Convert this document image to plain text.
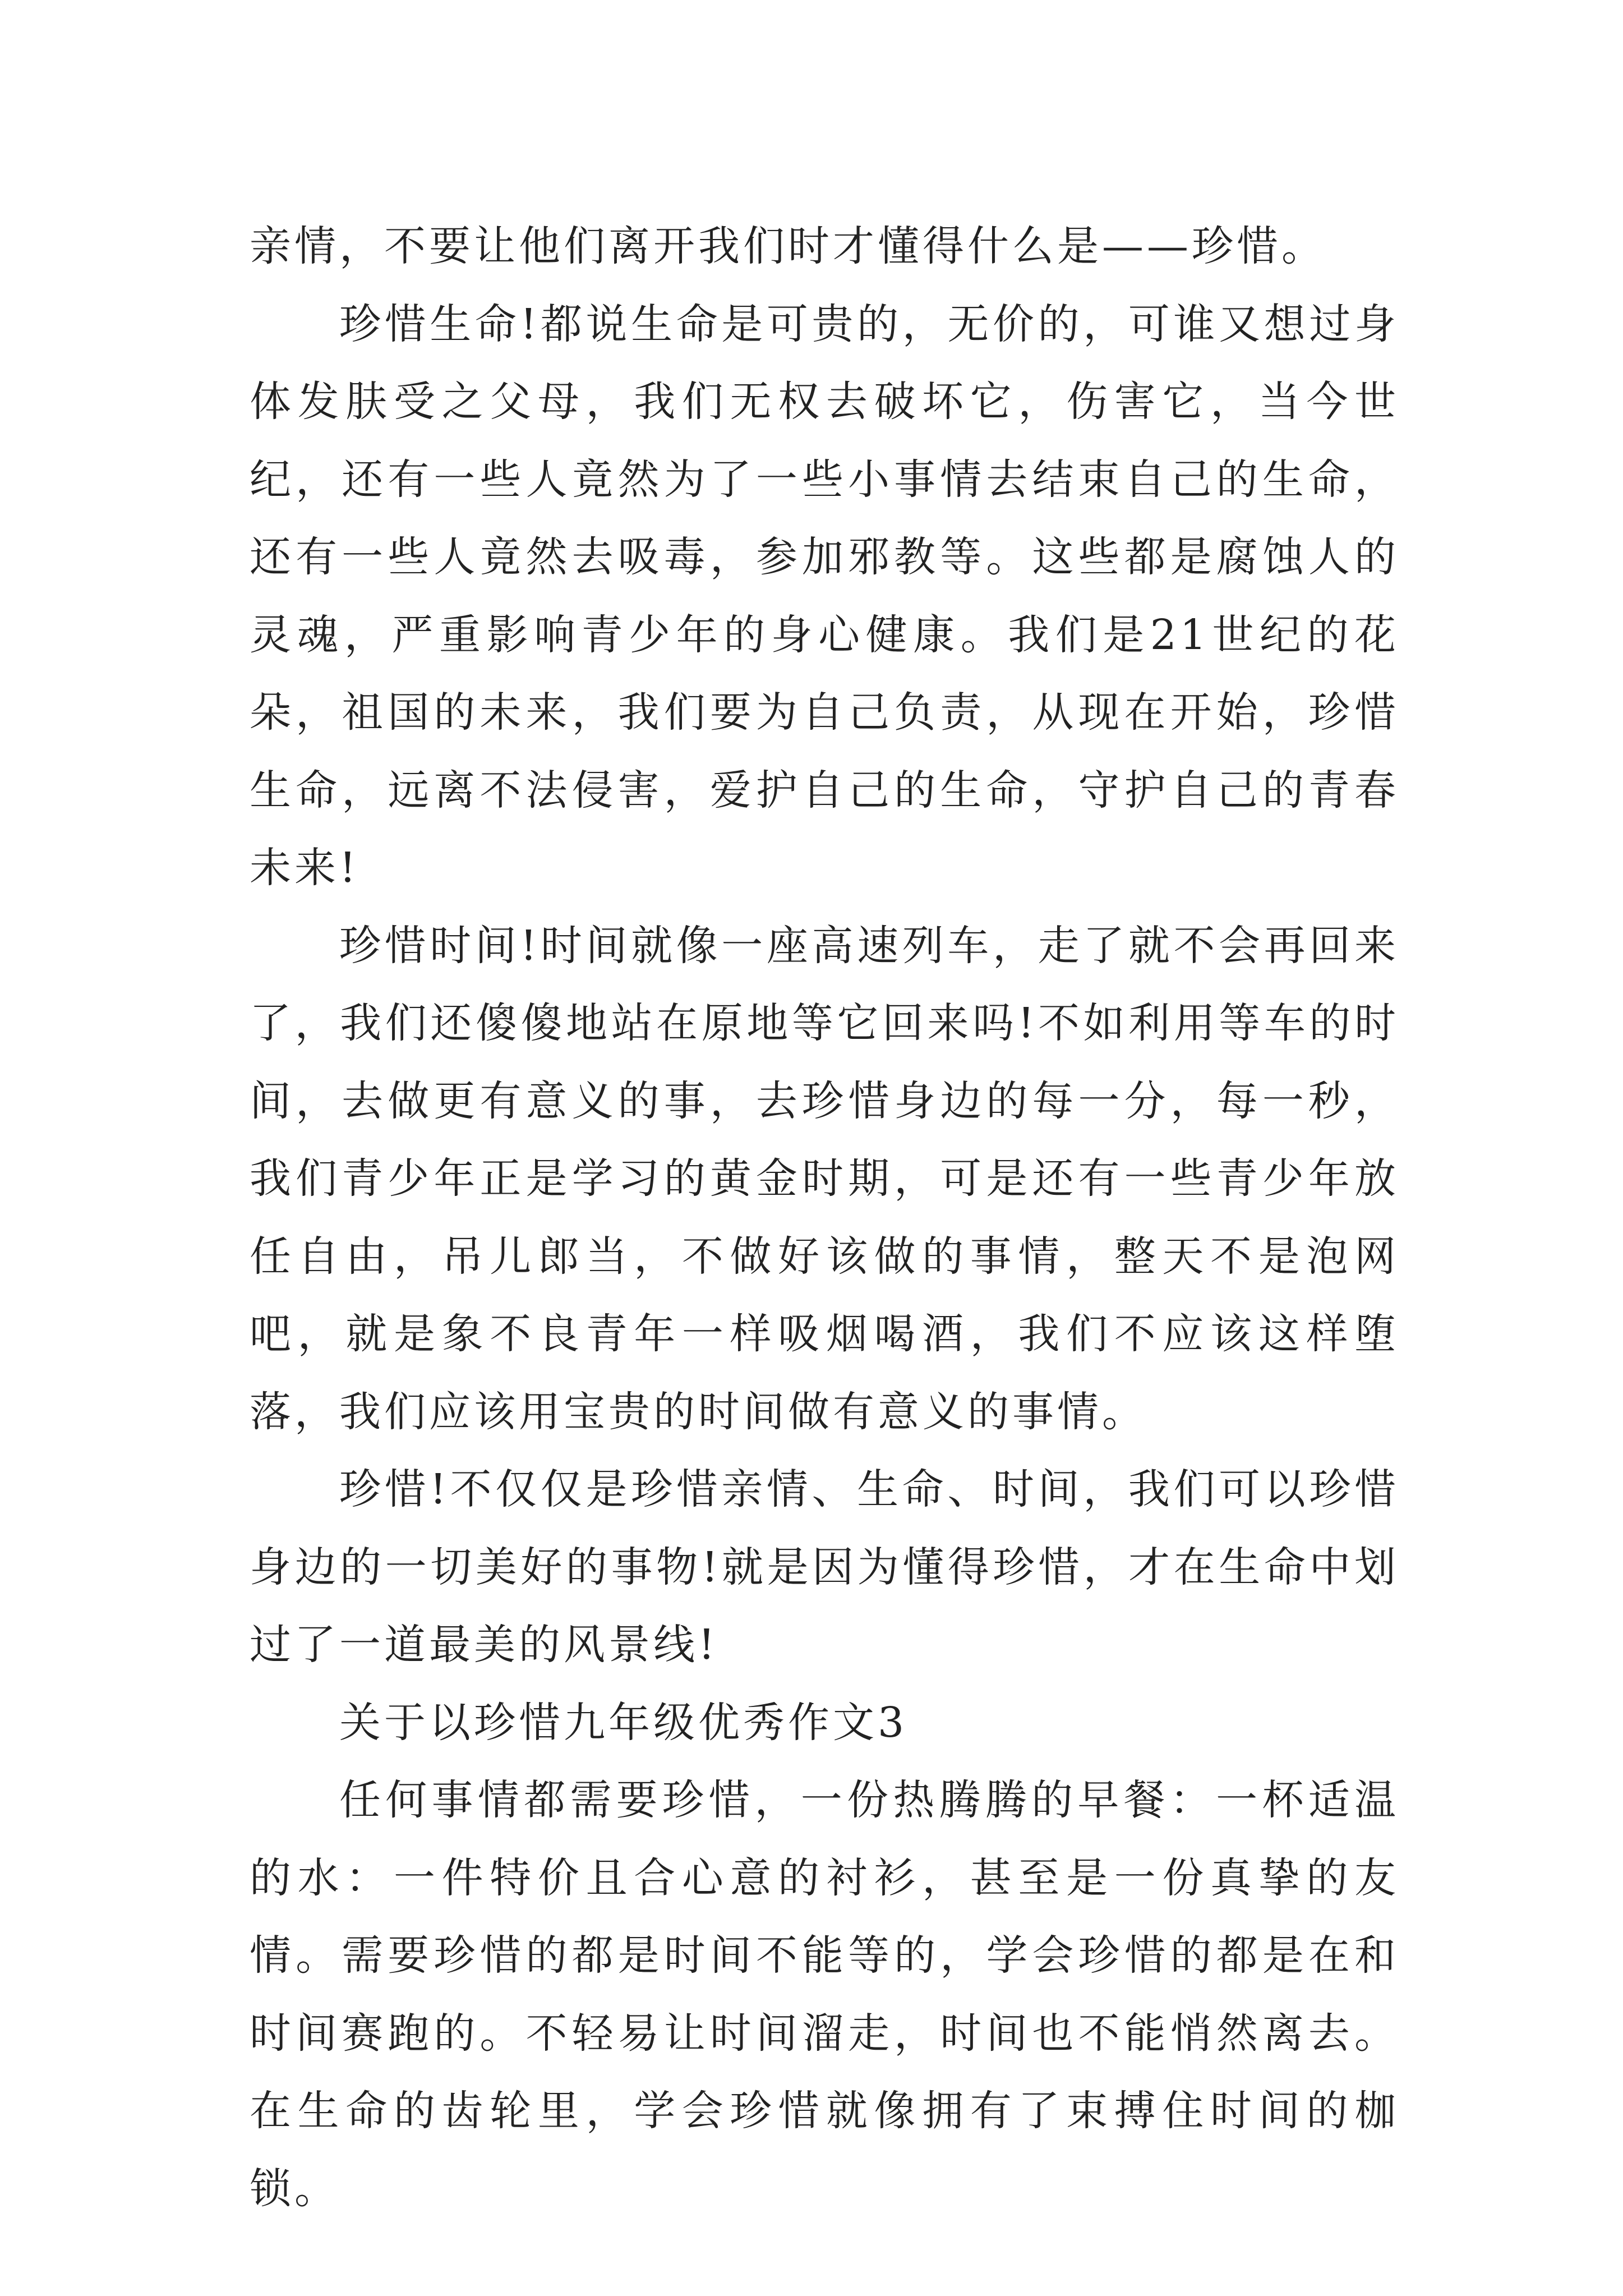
亲情，不要让他们离开我们时才懂得什么是——珍惜。

珍惜生命!都说生命是可贵的，无价的，可谁又想过身体发肤受之父母，我们无权去破坏它，伤害它，当今世纪，还有一些人竟然为了一些小事情去结束自己的生命，还有一些人竟然去吸毒，参加邪教等。这些都是腐蚀人的灵魂，严重影响青少年的身心健康。我们是21世纪的花朵，祖国的未来，我们要为自己负责，从现在开始，珍惜生命，远离不法侵害，爱护自己的生命，守护自己的青春未来!

珍惜时间!时间就像一座高速列车，走了就不会再回来了，我们还傻傻地站在原地等它回来吗!不如利用等车的时间，去做更有意义的事，去珍惜身边的每一分，每一秒，我们青少年正是学习的黄金时期，可是还有一些青少年放任自由，吊儿郎当，不做好该做的事情，整天不是泡网吧，就是象不良青年一样吸烟喝酒，我们不应该这样堕落，我们应该用宝贵的时间做有意义的事情。

珍惜!不仅仅是珍惜亲情、生命、时间，我们可以珍惜身边的一切美好的事物!就是因为懂得珍惜，才在生命中划过了一道最美的风景线!

关于以珍惜九年级优秀作文3

任何事情都需要珍惜，一份热腾腾的早餐：一杯适温的水：一件特价且合心意的衬衫，甚至是一份真挚的友情。需要珍惜的都是时间不能等的，学会珍惜的都是在和时间赛跑的。不轻易让时间溜走，时间也不能悄然离去。在生命的齿轮里，学会珍惜就像拥有了束搏住时间的枷锁。
